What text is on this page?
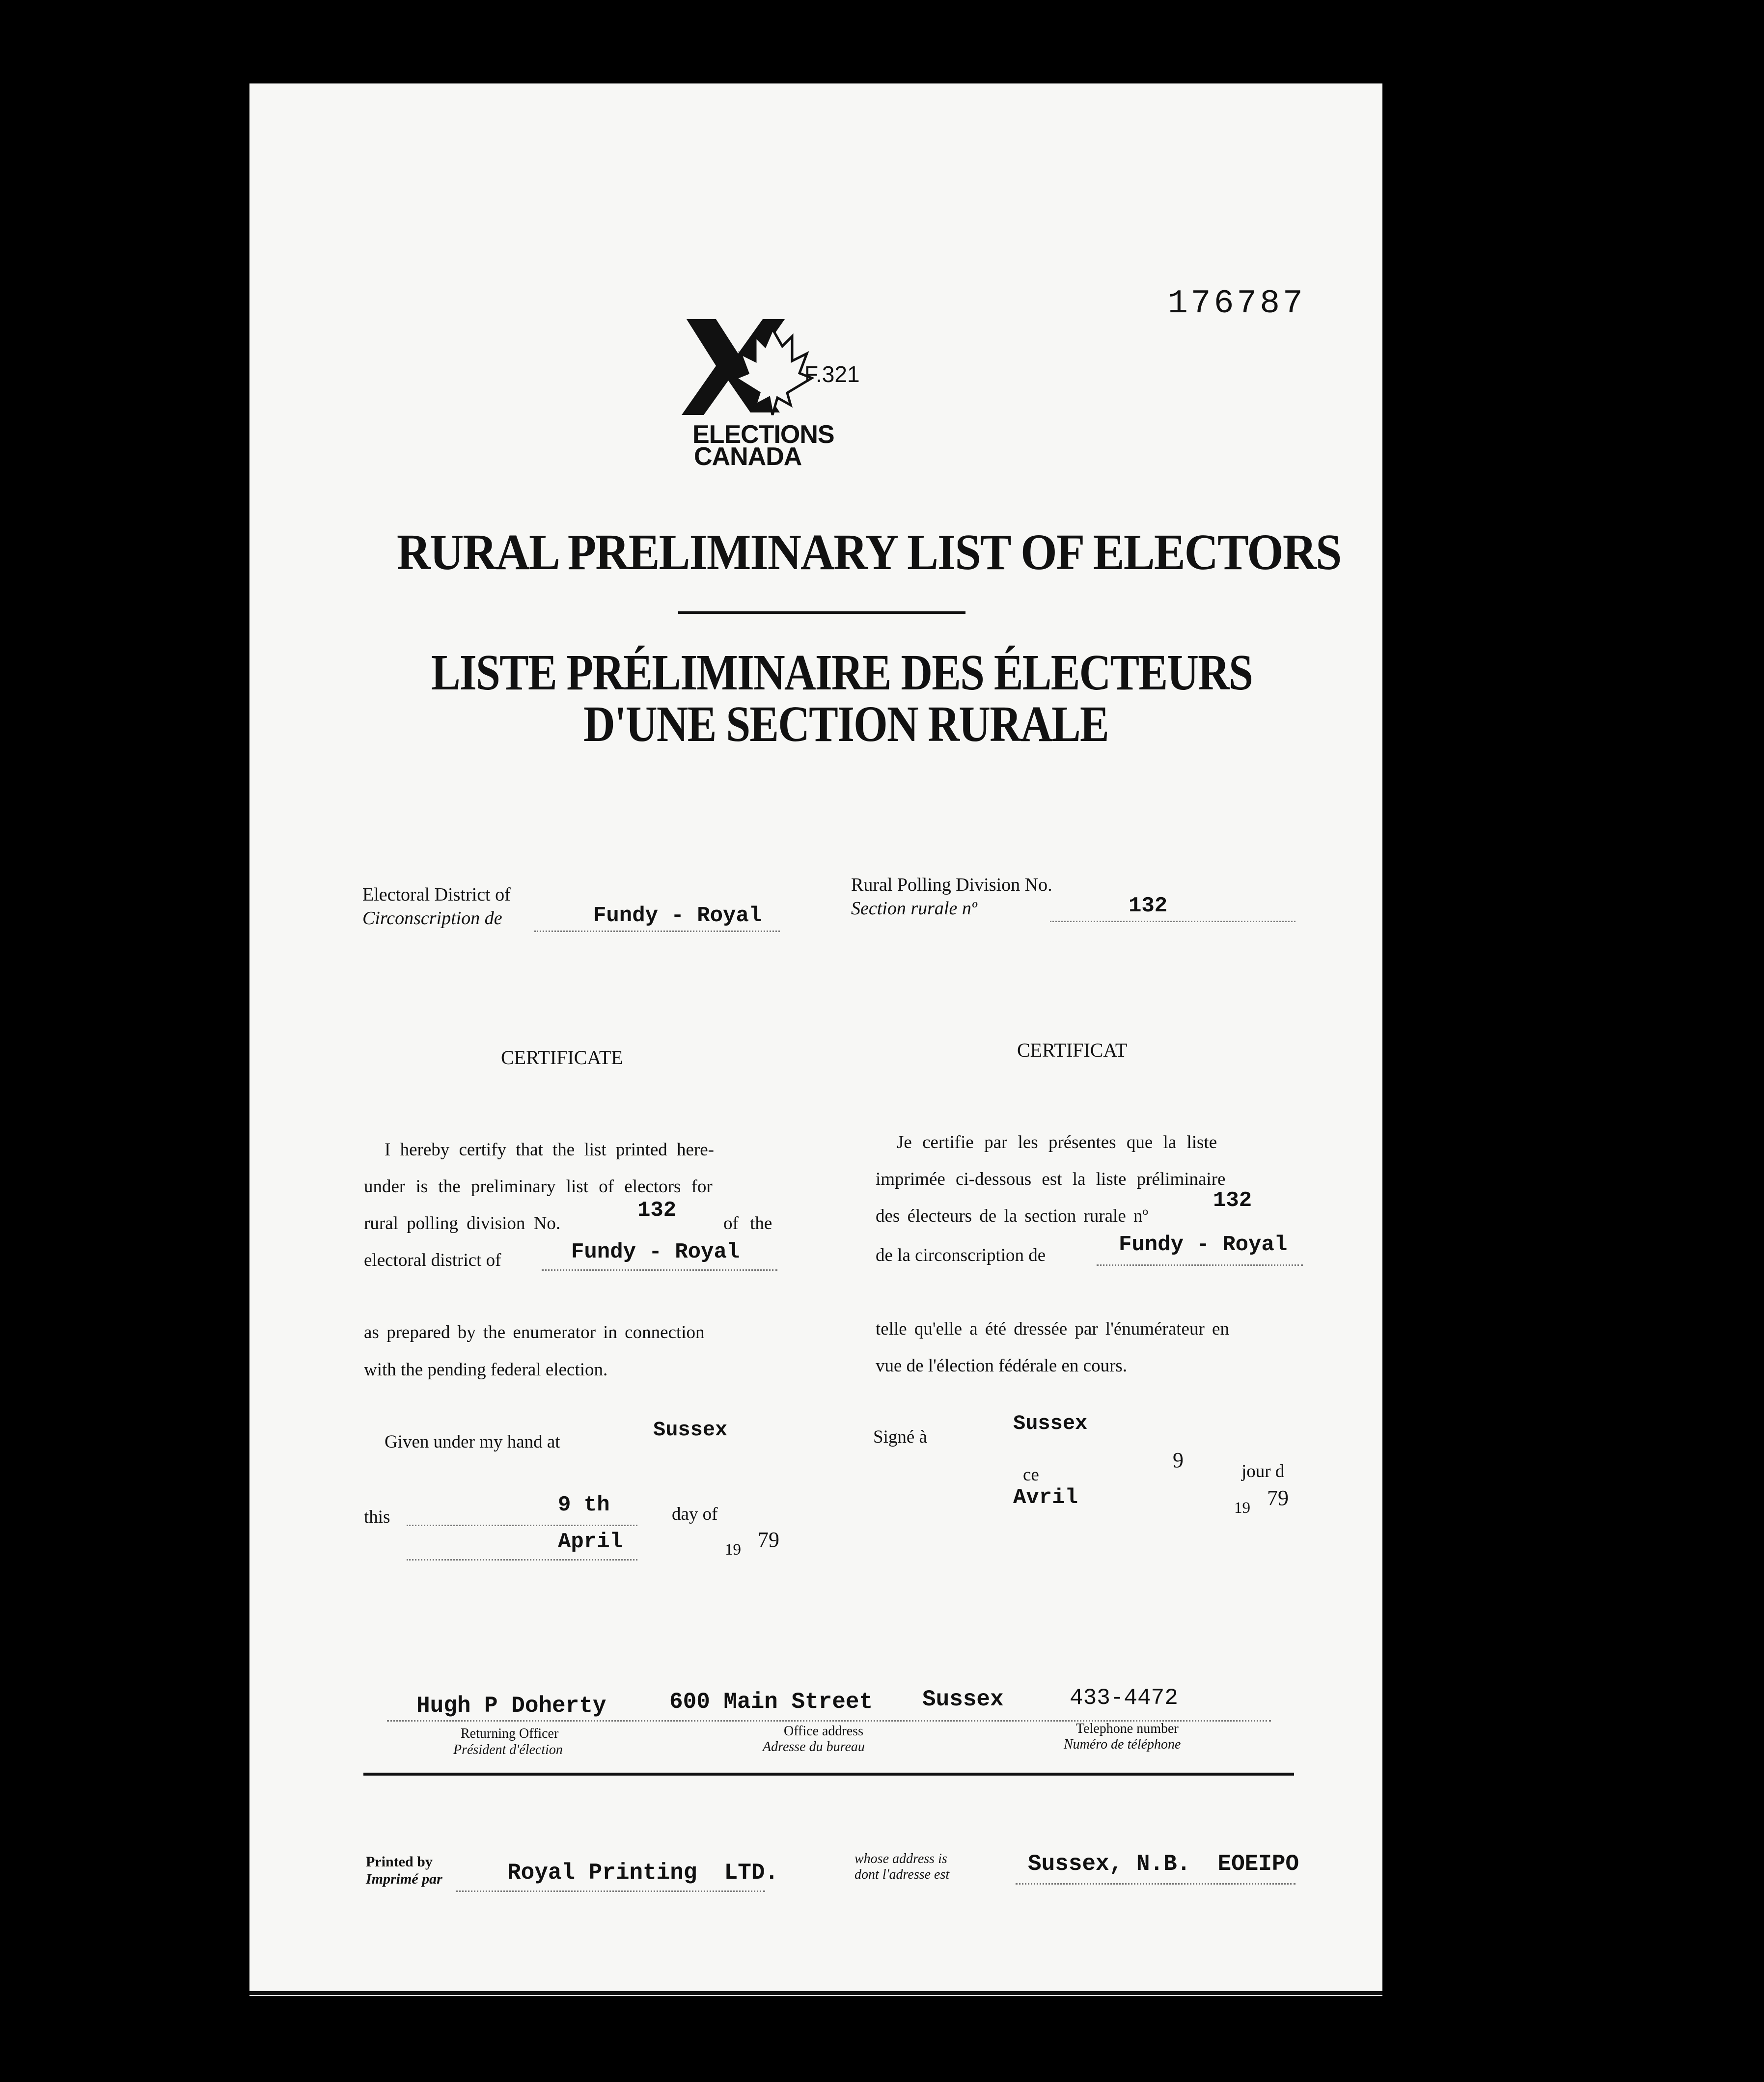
176787
F.321
ELECTIONS
CANADA
RURAL PRELIMINARY LIST OF ELECTORS
LISTE PRÉLIMINAIRE DES ÉLECTEURS
D'UNE SECTION RURALE
Electoral District of
Circonscription de	Fundy - Royal
Rural Polling Division No.
Section rurale nº	132
CERTIFICATE
I hereby certify that the list printed here-
under is the preliminary list of electors for
rural polling division No.
132
of the
electoral district of	Fundy - Royal
as prepared by the enumerator in connection
with the pending federal election.
Given under my hand at
Sussex
this	9 th	day of
April	19 79
CERTIFICAT
Je certifie par les présentes que la liste
imprimée ci-dessous est la liste préliminaire
des électeurs de la section rurale nº
132
de la circonscription de	Fundy - Royal
telle qu'elle a été dressée par l'énumérateur en
vue de l'élection fédérale en cours.
Signé à
Sussex
ce
9	jour d
Avril	19 79
Hugh P Doherty	600 Main Street Sussex	433-4472
Returning Officer
Président d'élection
Office address
Adresse du bureau
Telephone number
Numéro de téléphone
Printed by
Imprimé par	Royal Printing  LTD.
whose address is
dont l'adresse est	Sussex, N.B.  EOEIPO
